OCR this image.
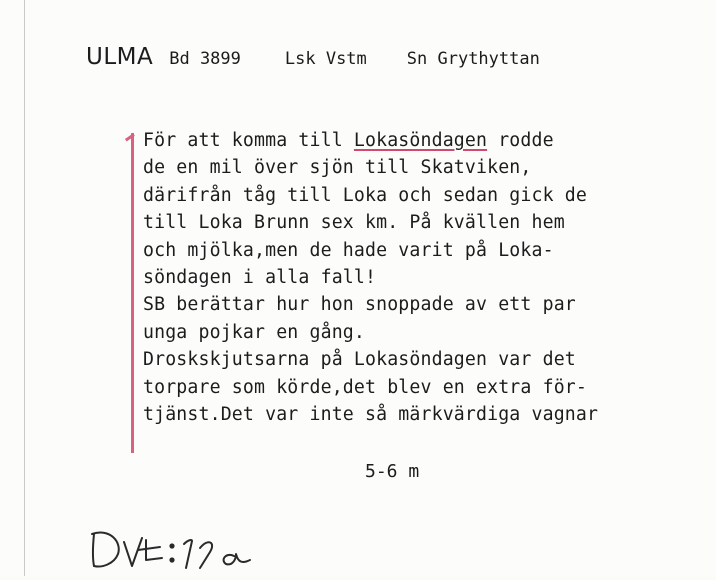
ULMA Bd 3899	Lsk Vstm Sn Grythyttan
För att komma till Lokasöndagen rodde
de en mil över sjön till Skatviken,
därifrån tåg till Loka och sedan gick de
till Loka Brunn sex km. På kvällen hem
och mjölka,men de hade varit på Loka-
söndagen i alla fall!
SB berättar hur hon snoppade av ett par
unga pojkar en gång.
Droskskjutsarna på Lokasöndagen var det
torpare som körde,det blev en extra för-
tjänst.Det var inte så märkvärdiga vagnar
5-6 m
